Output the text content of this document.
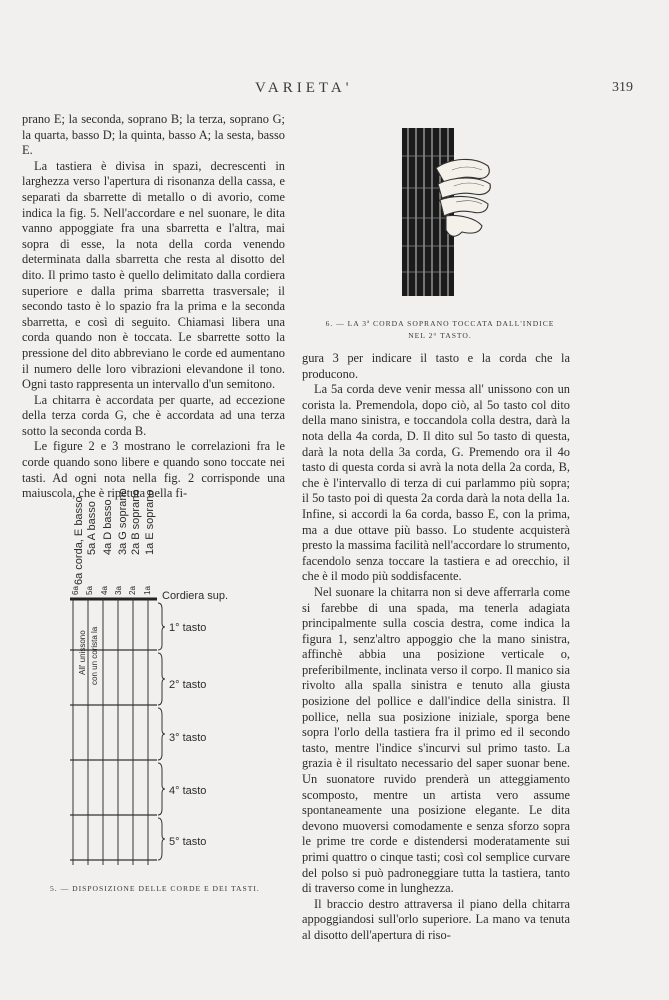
VARIETA'	319

prano E; la seconda, soprano B; la terza, soprano G; la quarta, basso D; la quinta, basso A; la sesta, basso E.

La tastiera è divisa in spazi, decrescenti in larghezza verso l'apertura di risonanza della cassa, e separati da sbarrette di metallo o di avorio, come indica la fig. 5. Nell'accordare e nel suonare, le dita vanno appoggiate fra una sbarretta e l'altra, mai sopra di esse, la nota della corda venendo determinata dalla sbarretta che resta al disotto del dito. Il primo tasto è quello delimitato dalla cordiera superiore e dalla prima sbarretta trasversale; il secondo tasto è lo spazio fra la prima e la seconda sbarretta, e così di seguito. Chiamasi libera una corda quando non è toccata. Le sbarrette sotto la pressione del dito abbreviano le corde ed aumentano il numero delle loro vibrazioni elevandone il tono. Ogni tasto rappresenta un intervallo d'un semitono.

La chitarra è accordata per quarte, ad eccezione della terza corda G, che è accordata ad una terza sotto la seconda corda B.

Le figure 2 e 3 mostrano le correlazioni fra le corde quando sono libere e quando sono toccate nei tasti. Ad ogni nota nella fig. 2 corrisponde una maiuscola, che è ripetuta nella fi-

6. — LA 3ª CORDA SOPRANO TOCCATA DALL'INDICE
NEL 2° TASTO.

gura 3 per indicare il tasto e la corda che la producono.

La 5a corda deve venir messa all' unissono con un corista la. Premendola, dopo ciò, al 5o tasto col dito della mano sinistra, e toccandola colla destra, darà la nota della 4a corda, D. Il dito sul 5o tasto di questa, darà la nota della 3a corda, G. Premendo ora il 4o tasto di questa corda si avrà la nota della 2a corda, B, che è l'intervallo di terza di cui parlammo più sopra; il 5o tasto poi di questa 2a corda darà la nota della 1a. Infine, si accordi la 6a corda, basso E, con la prima, ma a due ottave più basso. Lo studente acquisterà presto la massima facilità nell'accordare lo strumento, facendolo senza toccare la tastiera e ad orecchio, il che è il modo più soddisfacente.

Nel suonare la chitarra non si deve afferrarla come si farebbe di una spada, ma tenerla adagiata principalmente sulla coscia destra, come indica la figura 1, senz'altro appoggio che la mano sinistra, affinchè abbia una posizione verticale o, preferibilmente, inclinata verso il corpo. Il manico sia rivolto alla spalla sinistra e tenuto alla giusta posizione del pollice e dall'indice della sinistra. Il pollice, nella sua posizione iniziale, sporga bene sopra l'orlo della tastiera fra il primo ed il secondo tasto, mentre l'indice s'incurvi sul primo tasto. La grazia è il risultato necessario del saper suonar bene. Un suonatore ruvido prenderà un atteggiamento scomposto, mentre un artista vero assume spontaneamente una posizione elegante. Le dita devono muoversi comodamente e senza sforzo sopra le prime tre corde e distendersi moderatamente sui primi quattro o cinque tasti; così col semplice curvare del polso si può padroneggiare tutta la tastiera, tanto di traverso come in lunghezza.

Il braccio destro attraversa il piano della chitarra appoggiandosi sull'orlo superiore. La mano va tenuta al disotto dell'apertura di riso-

6a corda, E basso 5a A basso 4a D basso 3a G soprano 2a B soprano 1a E soprano
6a 5a 4a 3a 2a 1a
All' unissono con un corista la
Cordiera sup.
1° tasto
2° tasto
3° tasto
4° tasto
5° tasto
5. — DISPOSIZIONE DELLE CORDE E DEI TASTI.
